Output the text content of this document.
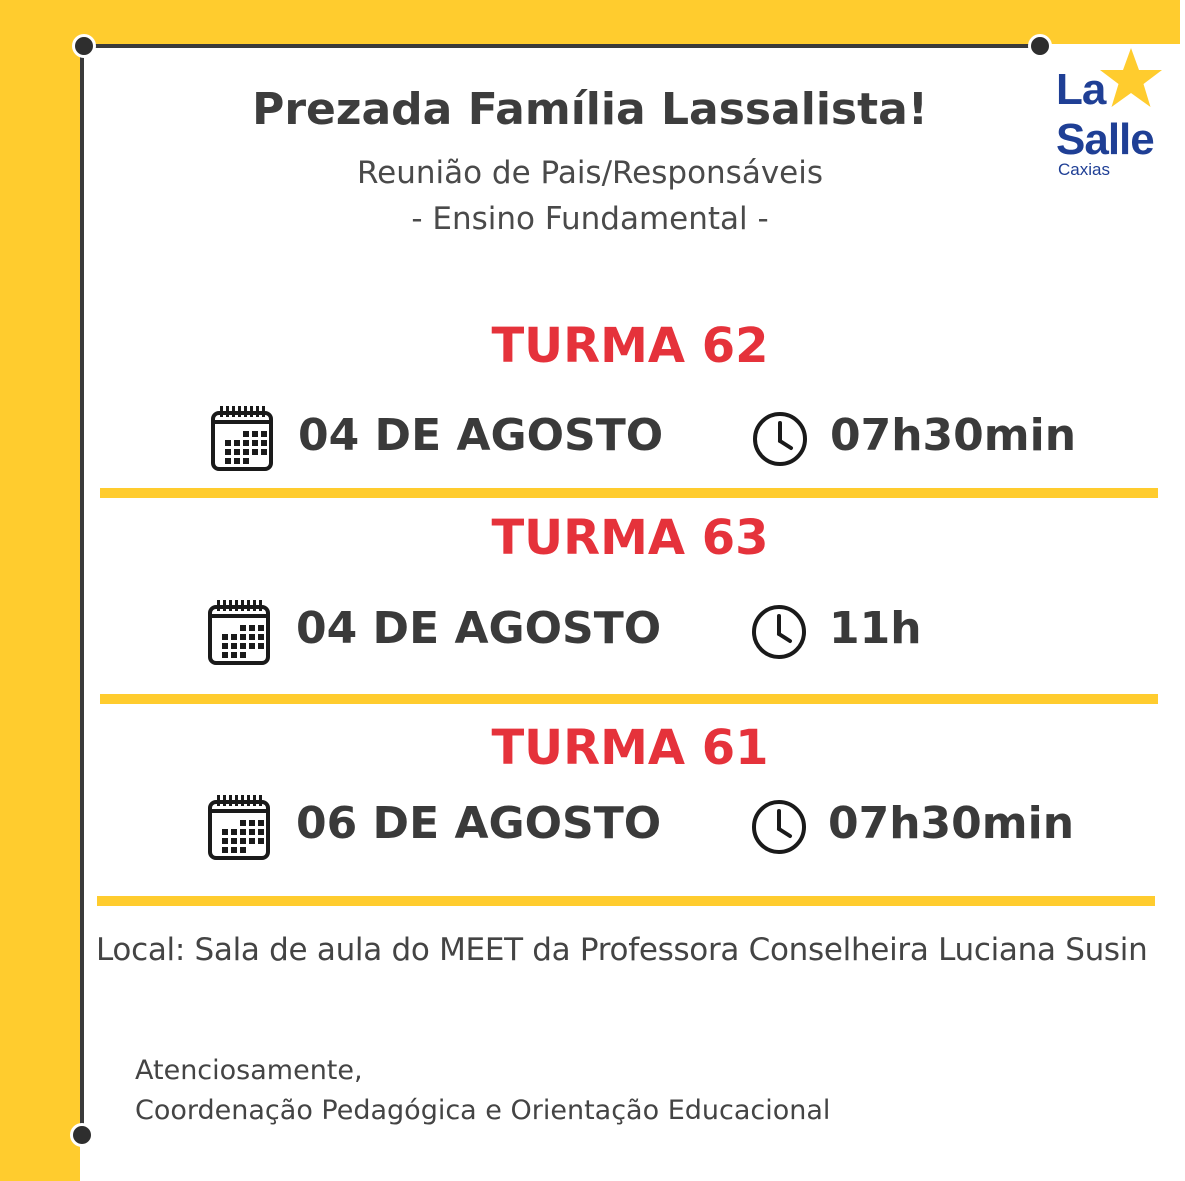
La
Salle
Caxias
Prezada Família Lassalista!
Reunião de Pais/Responsáveis
- Ensino Fundamental -
TURMA 62
04 DE AGOSTO	07h30min
TURMA 63
04 DE AGOSTO	11h
TURMA 61
06 DE AGOSTO	07h30min
Local: Sala de aula do MEET da Professora Conselheira Luciana Susin
Atenciosamente,
Coordenação Pedagógica e Orientação Educacional
